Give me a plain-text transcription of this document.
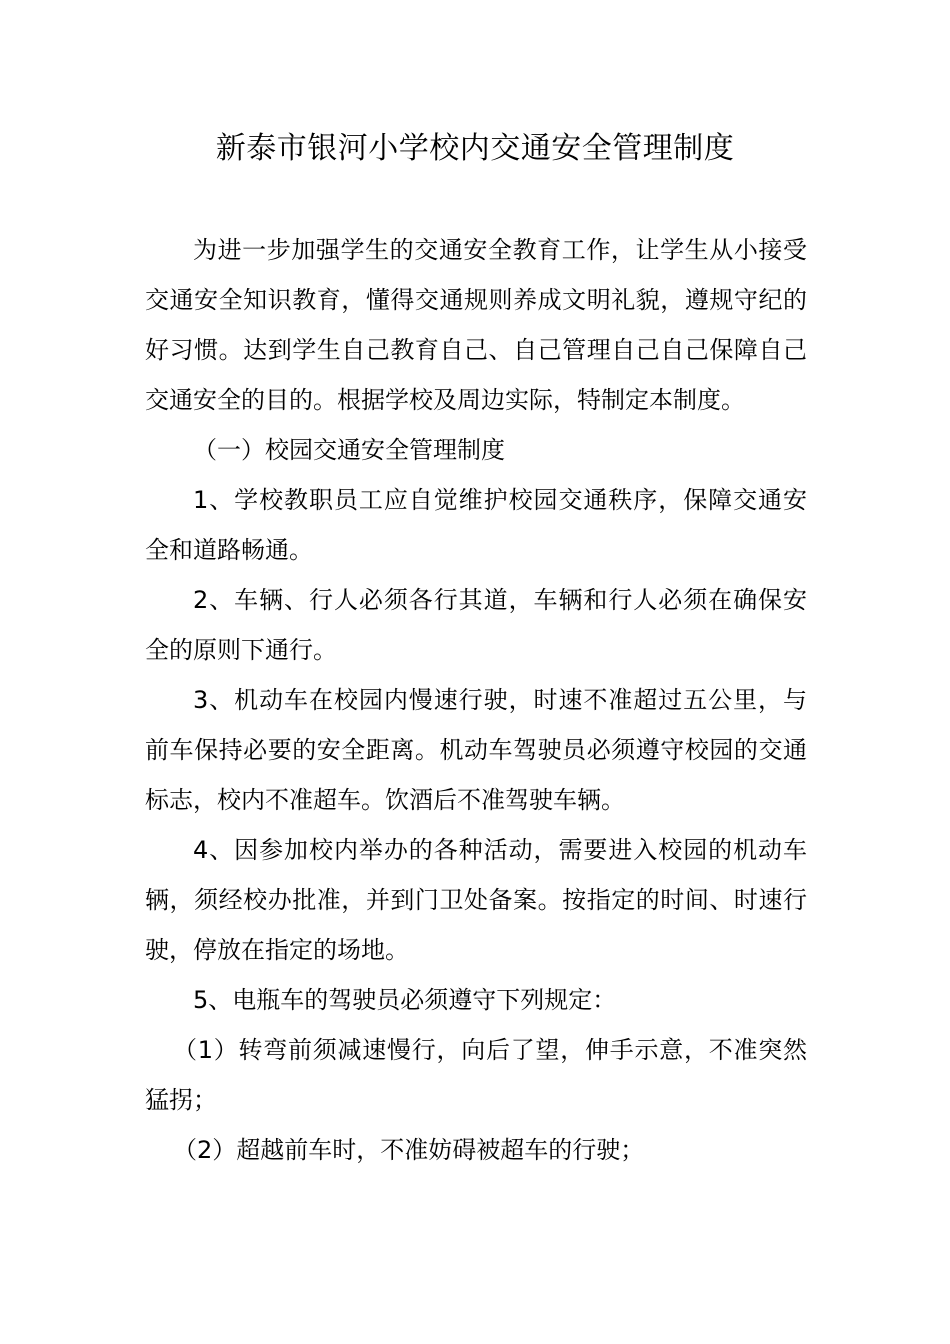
新泰市银河小学校内交通安全管理制度

为进一步加强学生的交通安全教育工作，让学生从小接受交通安全知识教育，懂得交通规则养成文明礼貌，遵规守纪的好习惯。达到学生自己教育自己、自己管理自己自己保障自己交通安全的目的。根据学校及周边实际，特制定本制度。

（一）校园交通安全管理制度

1、学校教职员工应自觉维护校园交通秩序，保障交通安全和道路畅通。

2、车辆、行人必须各行其道，车辆和行人必须在确保安全的原则下通行。

3、机动车在校园内慢速行驶，时速不准超过五公里，与前车保持必要的安全距离。机动车驾驶员必须遵守校园的交通标志，校内不准超车。饮酒后不准驾驶车辆。

4、因参加校内举办的各种活动，需要进入校园的机动车辆，须经校办批准，并到门卫处备案。按指定的时间、时速行驶，停放在指定的场地。

5、电瓶车的驾驶员必须遵守下列规定：

（1）转弯前须减速慢行，向后了望，伸手示意，不准突然猛拐；

（2）超越前车时，不准妨碍被超车的行驶；
